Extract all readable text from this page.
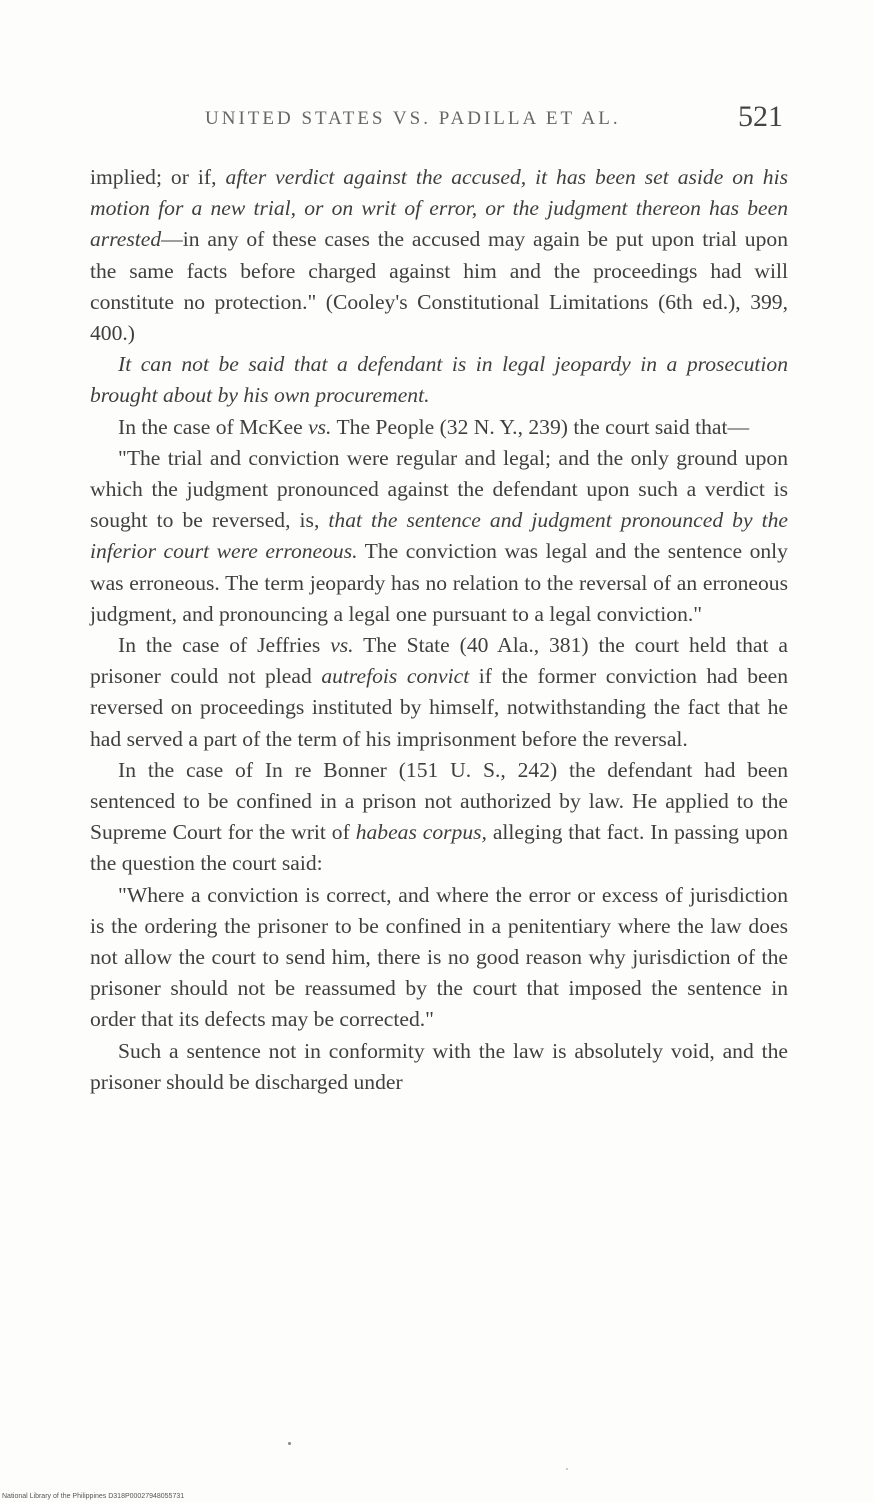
UNITED STATES VS. PADILLA ET AL.	521

implied; or if, after verdict against the accused, it has been set aside on his motion for a new trial, or on writ of error, or the judgment thereon has been arrested—in any of these cases the accused may again be put upon trial upon the same facts before charged against him and the proceedings had will constitute no protection." (Cooley's Constitutional Limitations (6th ed.), 399, 400.)

It can not be said that a defendant is in legal jeopardy in a prosecution brought about by his own procurement.

In the case of McKee vs. The People (32 N. Y., 239) the court said that—

"The trial and conviction were regular and legal; and the only ground upon which the judgment pronounced against the defendant upon such a verdict is sought to be reversed, is, that the sentence and judgment pronounced by the inferior court were erroneous. The conviction was legal and the sentence only was erroneous. The term jeopardy has no relation to the reversal of an erroneous judgment, and pronouncing a legal one pursuant to a legal conviction."

In the case of Jeffries vs. The State (40 Ala., 381) the court held that a prisoner could not plead autrefois convict if the former conviction had been reversed on proceedings instituted by himself, notwithstanding the fact that he had served a part of the term of his imprisonment before the reversal.

In the case of In re Bonner (151 U. S., 242) the defendant had been sentenced to be confined in a prison not authorized by law. He applied to the Supreme Court for the writ of habeas corpus, alleging that fact. In passing upon the question the court said:

"Where a conviction is correct, and where the error or excess of jurisdiction is the ordering the prisoner to be confined in a penitentiary where the law does not allow the court to send him, there is no good reason why jurisdiction of the prisoner should not be reassumed by the court that imposed the sentence in order that its defects may be corrected."

Such a sentence not in conformity with the law is absolutely void, and the prisoner should be discharged under

National Library of the Philippines D318P00027948055731
